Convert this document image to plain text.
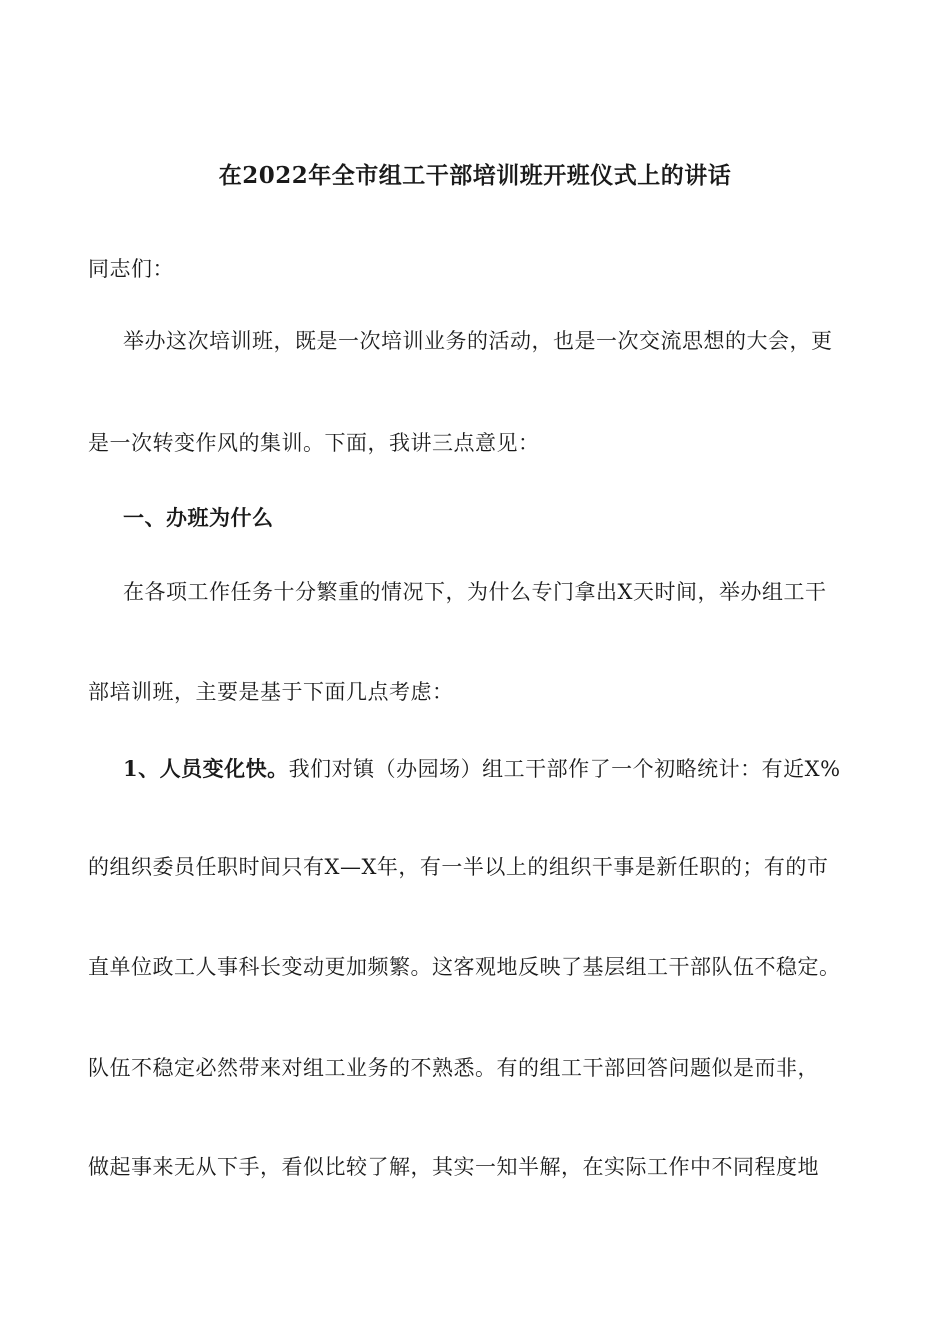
在2022年全市组工干部培训班开班仪式上的讲话
同志们：
举办这次培训班，既是一次培训业务的活动，也是一次交流思想的大会，更
是一次转变作风的集训。下面，我讲三点意见：
一、办班为什么
在各项工作任务十分繁重的情况下，为什么专门拿出X天时间，举办组工干
部培训班，主要是基于下面几点考虑：
1、人员变化快。我们对镇（办园场）组工干部作了一个初略统计：有近X%
的组织委员任职时间只有X—X年，有一半以上的组织干事是新任职的；有的市
直单位政工人事科长变动更加频繁。这客观地反映了基层组工干部队伍不稳定。
队伍不稳定必然带来对组工业务的不熟悉。有的组工干部回答问题似是而非，
做起事来无从下手，看似比较了解，其实一知半解，在实际工作中不同程度地
